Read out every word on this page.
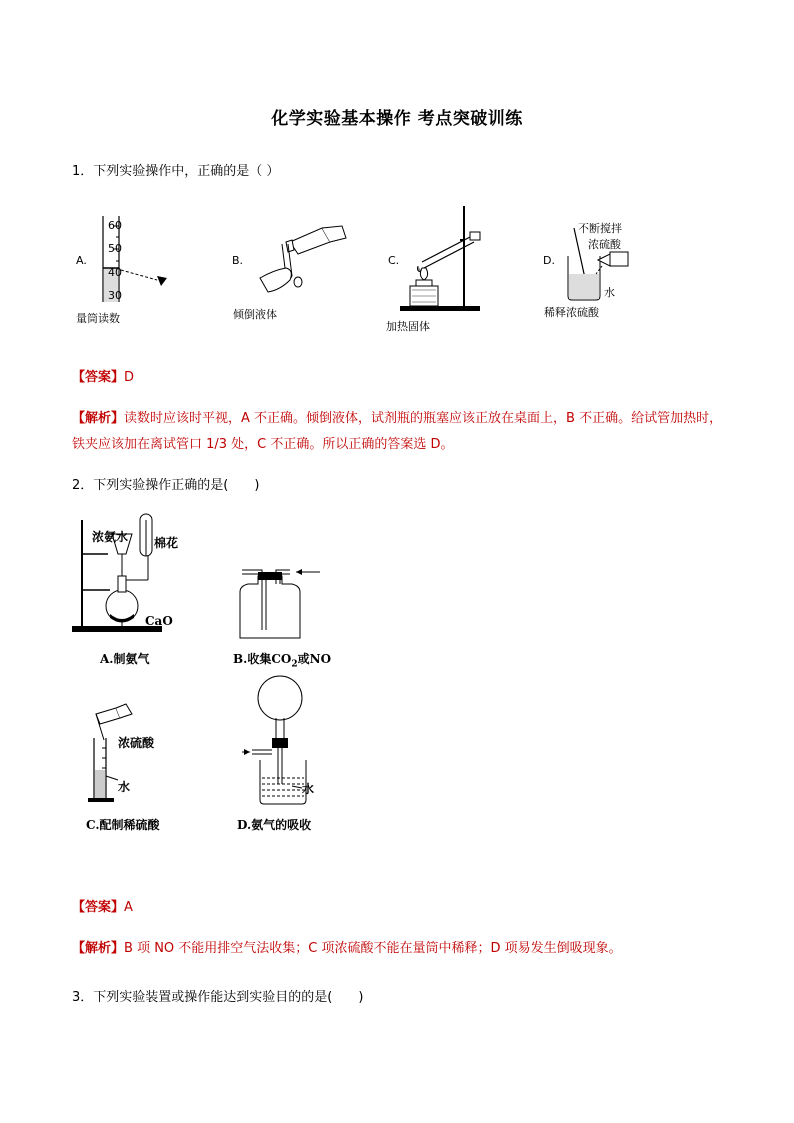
化学实验基本操作 考点突破训练
1．下列实验操作中，正确的是（ ）
A.
60
50
40
30
量筒读数
B.
倾倒液体
C.
加热固体
D.
不断搅拌
浓硫酸
水
稀释浓硫酸
【答案】D
【解析】读数时应该时平视，A 不正确。倾倒液体，试剂瓶的瓶塞应该正放在桌面上，B 不正确。给试管加热时，铁夹应该加在离试管口 1/3 处，C 不正确。所以正确的答案选 D。
2．下列实验操作正确的是(　　)
浓氨水 棉花
CaO
A.制氨气	B.收集$CO_2$或NO
浓硫酸
水
C.配制稀硫酸
水
D.氨气的吸收
【答案】A
【解析】B 项 NO 不能用排空气法收集；C 项浓硫酸不能在量筒中稀释；D 项易发生倒吸现象。
3．下列实验装置或操作能达到实验目的的是(　　)
